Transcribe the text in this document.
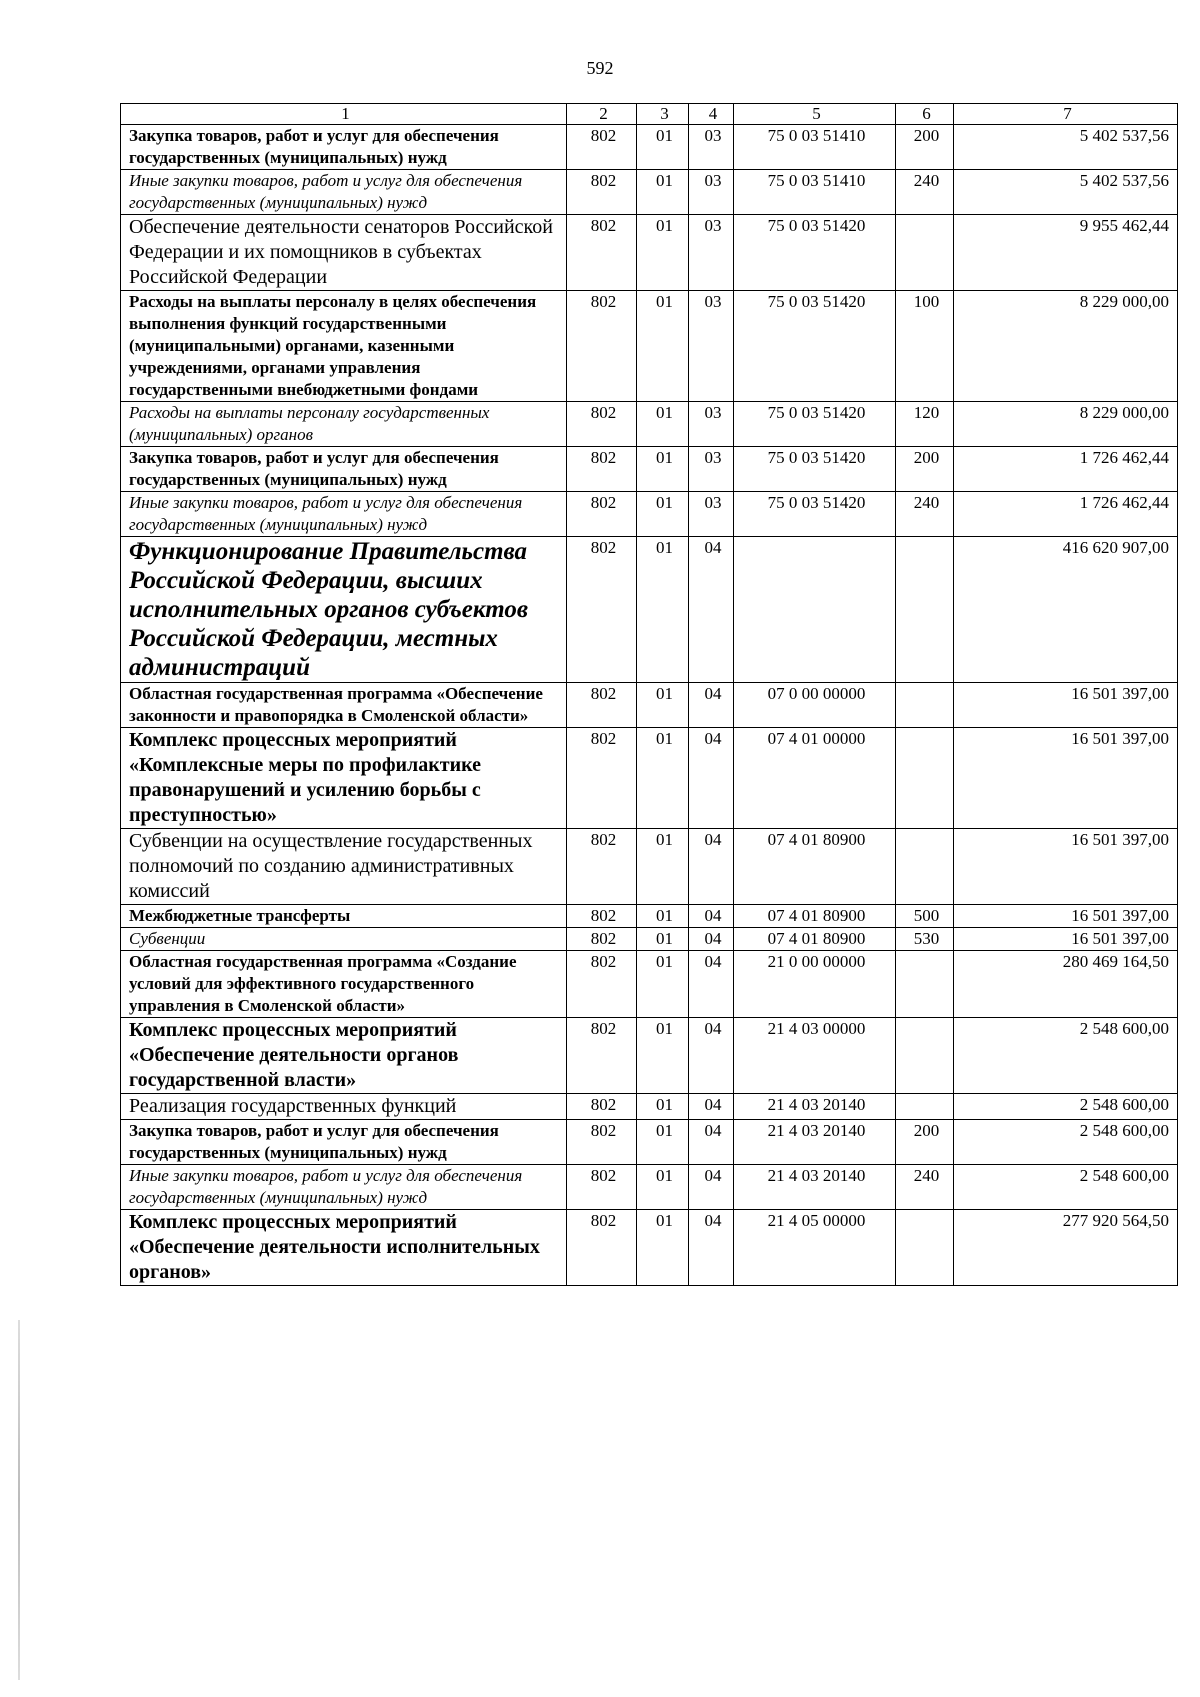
592
1	2	3	4	5	6	7
Закупка товаров, работ и услуг для обеспечения государственных (муниципальных) нужд	802	01	03	75 0 03 51410	200	5 402 537,56
Иные закупки товаров, работ и услуг для обеспечения государственных (муниципальных) нужд	802	01	03	75 0 03 51410	240	5 402 537,56
Обеспечение деятельности сенаторов Российской Федерации и их помощников в субъектах Российской Федерации	802	01	03	75 0 03 51420		9 955 462,44
Расходы на выплаты персоналу в целях обеспечения выполнения функций государственными (муниципальными) органами, казенными учреждениями, органами управления государственными внебюджетными фондами	802	01	03	75 0 03 51420	100	8 229 000,00
Расходы на выплаты персоналу государственных (муниципальных) органов	802	01	03	75 0 03 51420	120	8 229 000,00
Закупка товаров, работ и услуг для обеспечения государственных (муниципальных) нужд	802	01	03	75 0 03 51420	200	1 726 462,44
Иные закупки товаров, работ и услуг для обеспечения государственных (муниципальных) нужд	802	01	03	75 0 03 51420	240	1 726 462,44
Функционирование Правительства Российской Федерации, высших исполнительных органов субъектов Российской Федерации, местных администраций	802	01	04			416 620 907,00
Областная государственная программа «Обеспечение законности и правопорядка в Смоленской области»	802	01	04	07 0 00 00000		16 501 397,00
Комплекс процессных мероприятий «Комплексные меры по профилактике правонарушений и усилению борьбы с преступностью»	802	01	04	07 4 01 00000		16 501 397,00
Субвенции на осуществление государственных полномочий по созданию административных комиссий	802	01	04	07 4 01 80900		16 501 397,00
Межбюджетные трансферты	802	01	04	07 4 01 80900	500	16 501 397,00
Субвенции	802	01	04	07 4 01 80900	530	16 501 397,00
Областная государственная программа «Создание условий для эффективного государственного управления в Смоленской области»	802	01	04	21 0 00 00000		280 469 164,50
Комплекс процессных мероприятий «Обеспечение деятельности органов государственной власти»	802	01	04	21 4 03 00000		2 548 600,00
Реализация государственных функций	802	01	04	21 4 03 20140		2 548 600,00
Закупка товаров, работ и услуг для обеспечения государственных (муниципальных) нужд	802	01	04	21 4 03 20140	200	2 548 600,00
Иные закупки товаров, работ и услуг для обеспечения государственных (муниципальных) нужд	802	01	04	21 4 03 20140	240	2 548 600,00
Комплекс процессных мероприятий «Обеспечение деятельности исполнительных органов»	802	01	04	21 4 05 00000		277 920 564,50
